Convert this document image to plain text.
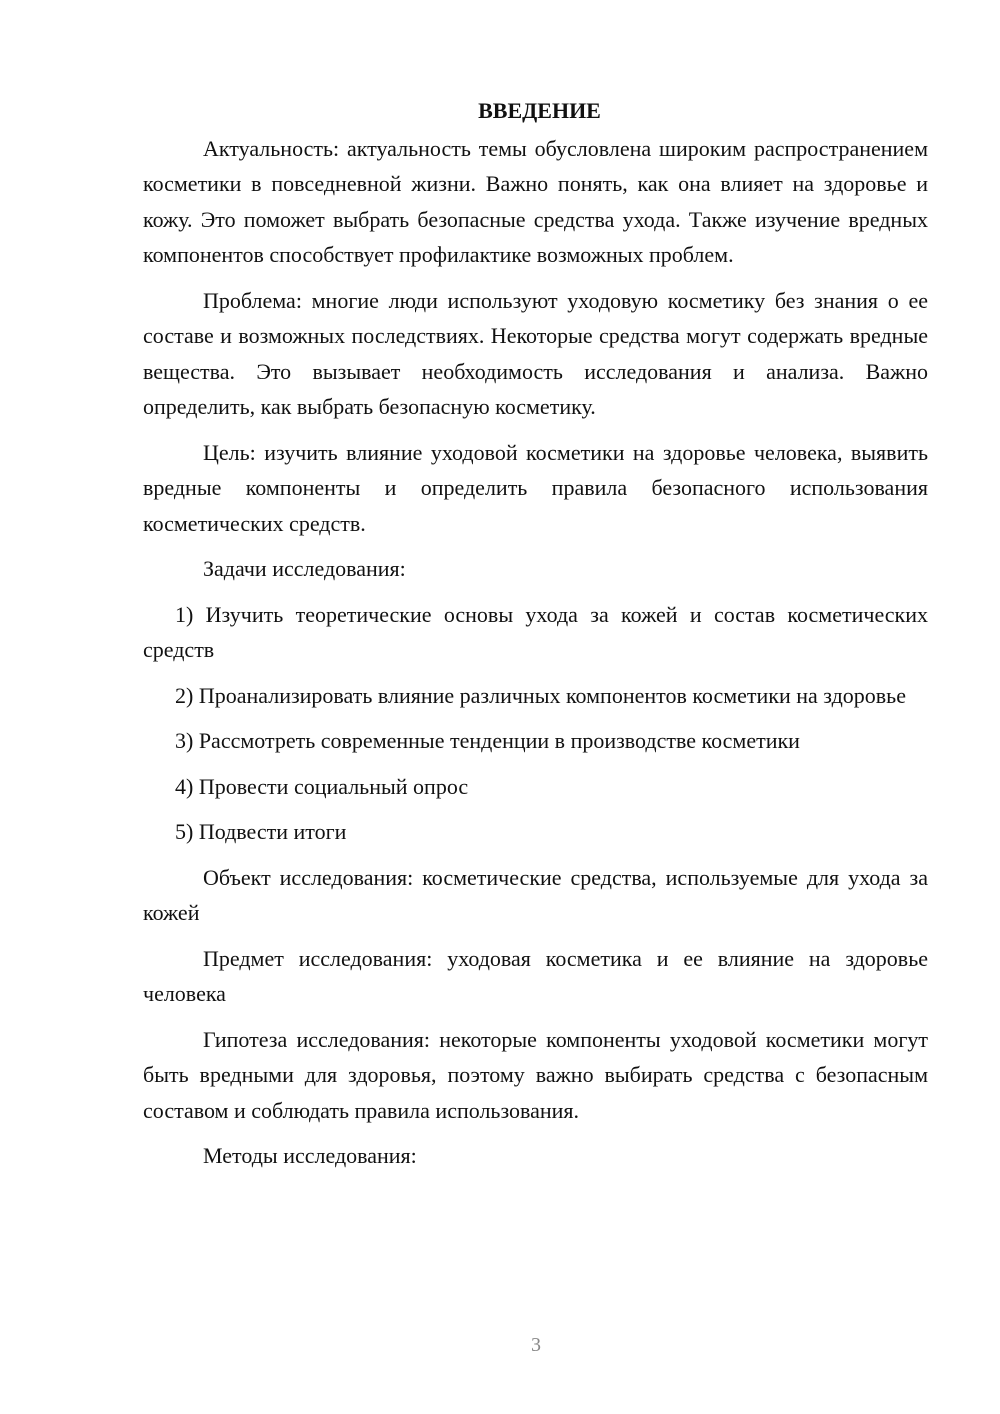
ВВЕДЕНИЕ

Актуальность: актуальность темы обусловлена широким распространением косметики в повседневной жизни. Важно понять, как она влияет на здоровье и кожу. Это поможет выбрать безопасные средства ухода. Также изучение вредных компонентов способствует профилактике возможных проблем.

Проблема: многие люди используют уходовую косметику без знания о ее составе и возможных последствиях. Некоторые средства могут содержать вредные вещества. Это вызывает необходимость исследования и анализа. Важно определить, как выбрать безопасную косметику.

Цель: изучить влияние уходовой косметики на здоровье человека, выявить вредные компоненты и определить правила безопасного использования косметических средств.

Задачи исследования:

1) Изучить теоретические основы ухода за кожей и состав косметических средств

2) Проанализировать влияние различных компонентов косметики на здоровье

3) Рассмотреть современные тенденции в производстве косметики

4) Провести социальный опрос

5) Подвести итоги

Объект исследования: косметические средства, используемые для ухода за кожей

Предмет исследования: уходовая косметика и ее влияние на здоровье человека

Гипотеза исследования: некоторые компоненты уходовой косметики могут быть вредными для здоровья, поэтому важно выбирать средства с безопасным составом и соблюдать правила использования.

Методы исследования:

3
